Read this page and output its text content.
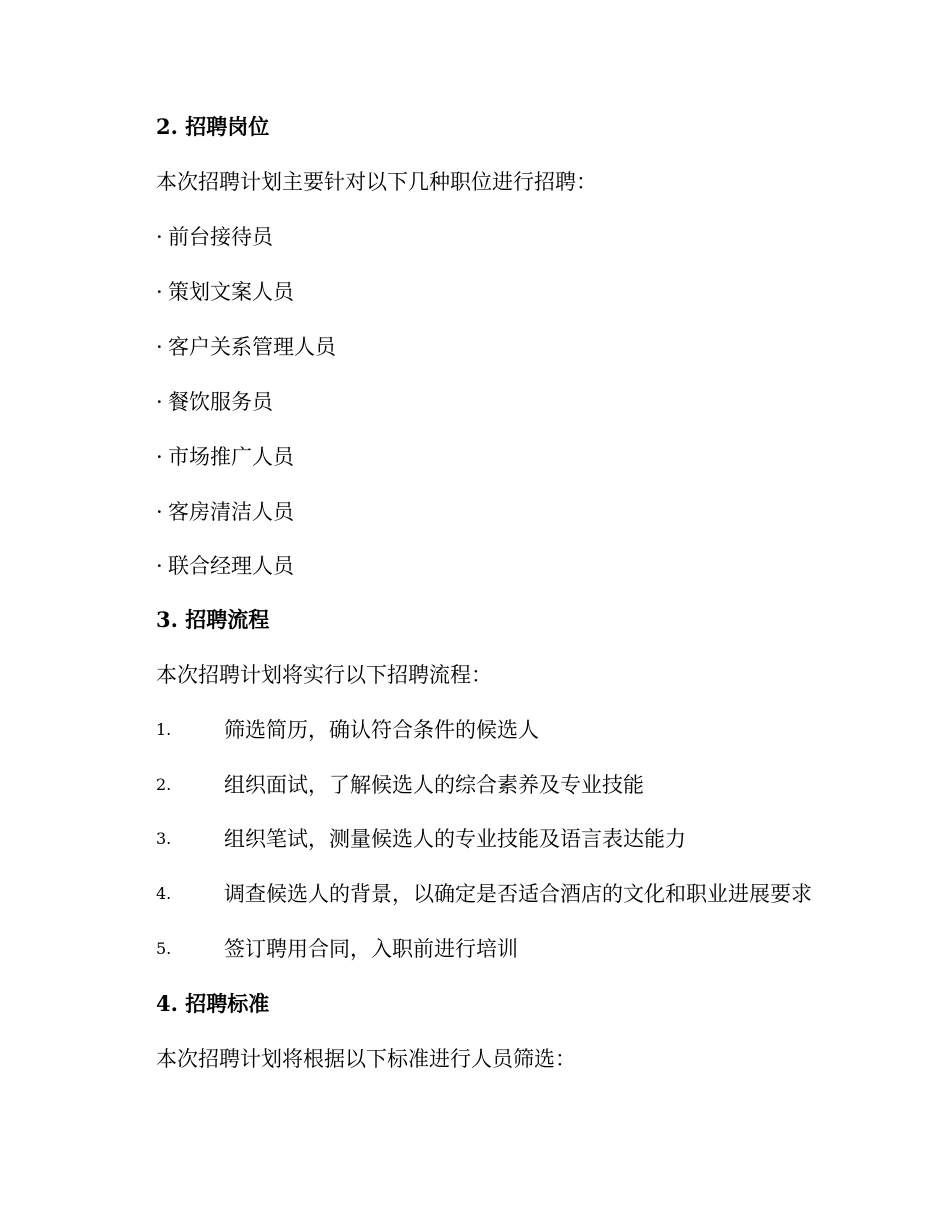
2. 招聘岗位
本次招聘计划主要针对以下几种职位进行招聘：
· 前台接待员
· 策划文案人员
· 客户关系管理人员
· 餐饮服务员
· 市场推广人员
· 客房清洁人员
· 联合经理人员
3. 招聘流程
本次招聘计划将实行以下招聘流程：
1.	筛选简历，确认符合条件的候选人
2.	组织面试，了解候选人的综合素养及专业技能
3.	组织笔试，测量候选人的专业技能及语言表达能力
4.	调查候选人的背景，以确定是否适合酒店的文化和职业进展要求
5.	签订聘用合同，入职前进行培训
4. 招聘标准
本次招聘计划将根据以下标准进行人员筛选：
